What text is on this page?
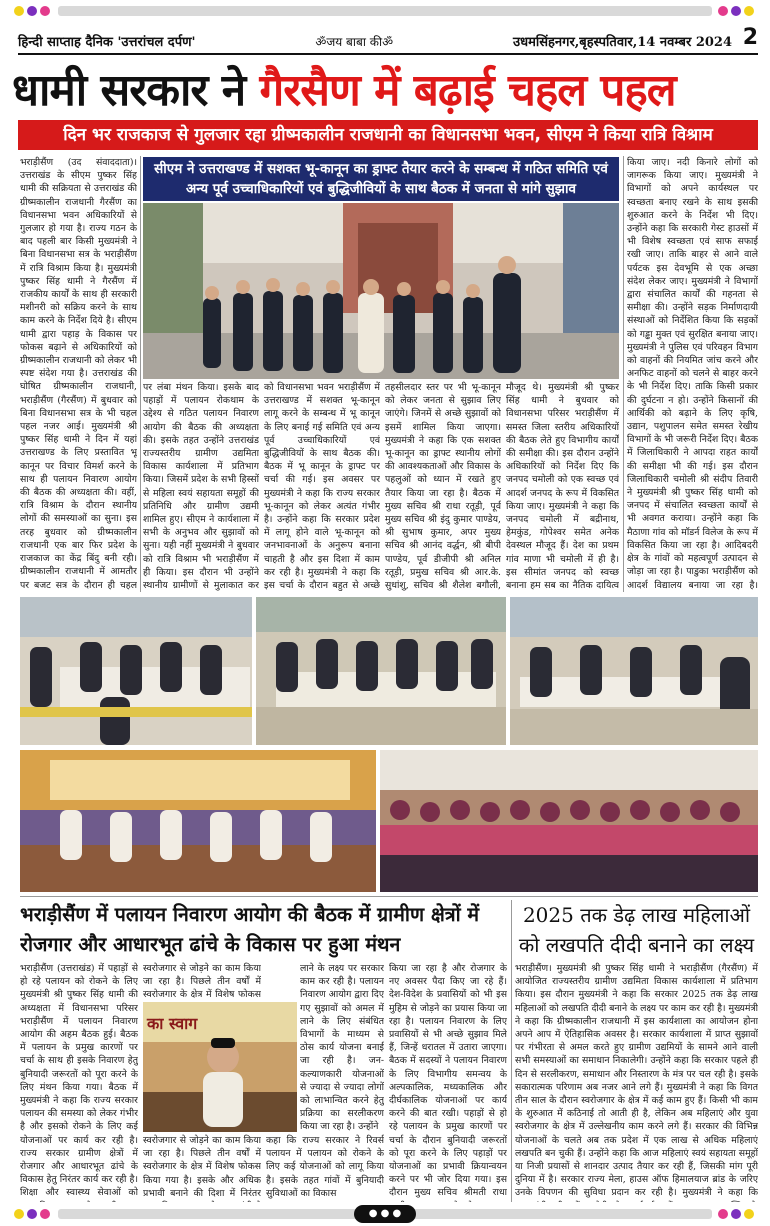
हिन्दी साप्ताह दैनिक 'उत्तरांचल दर्पण'	ॐजय बाबा कीॐ	उधमसिंहनगर,बृहस्पतिवार,14 नवम्बर 2024 2
धामी सरकार ने गैरसैण में बढ़ाई चहल पहल
दिन भर राजकाज से गुलजार रहा ग्रीष्मकालीन राजधानी का विधानसभा भवन, सीएम ने किया रात्रि विश्राम
भराड़ीसैंण (उद संवाददाता)। उत्तराखंड के सीएम पुष्कर सिंह धामी की सक्रियता से उत्तराखंड की ग्रीष्मकालीन राजधानी गैरसैंण का विधानसभा भवन अधिकारियों से गुलजार हो गया है। राज्य गठन के बाद पहली बार किसी मुख्यमंत्री ने बिना विधानसभा सत्र के भराड़ीसैंण में रात्रि विश्राम किया है। मुख्यमंत्री पुष्कर सिंह धामी ने गैरसैंण में राजकीय कार्यों के साथ ही सरकारी मशीनरी को सक्रिय करने के साथ काम करने के निर्देश दिये है। सीएम धामी द्वारा पहाड़ के विकास पर फोकस बढ़ाने से अधिकारियों को ग्रीष्मकालीन राजधानी को लेकर भी स्पष्ट संदेश गया है। उत्तराखंड की घोषित ग्रीष्मकालीन राजधानी, भराड़ीसैंण (गैरसैंण) में बुधवार को बिना विधानसभा सत्र के भी चहल पहल नजर आई। मुख्यमंत्री श्री पुष्कर सिंह धामी ने दिन में यहां उत्तराखण्ड के लिए प्रस्तावित भू कानून पर विचार विमर्श करने के साथ ही पलायन निवारण आयोग की बैठक की अध्यक्षता की। वहीं, रात्रि विश्राम के दौरान स्थानीय लोगों की समस्याओं का सुना। इस तरह बुधवार को ग्रीष्मकालीन राजधानी एक बार फिर प्रदेश के राजकाज का केंद्र बिंदु बनी रही। ग्रीष्मकालीन राजधानी में आमतौर पर बजट सत्र के दौरान ही चहल
सीएम ने उत्तराखण्ड में सशक्त भू-कानून का ड्राफ्ट तैयार करने के सम्बन्ध में गठित समिति एवं अन्य पूर्व उच्चाधिकारियों एवं बुद्धिजीवियों के साथ बैठक में जनता से मांगे सुझाव
पर लंबा मंथन किया। इसके बाद पहाड़ों में पलायन रोकथाम के उद्देश्य से गठित पलायन निवारण आयोग की बैठक की अध्यक्षता की। इसके तहत उन्होंने उत्तराखंड राज्यस्तरीय ग्रामीण उद्यमिता विकास कार्यशाला में प्रतिभाग किया। जिसमें प्रदेश के सभी हिस्सों से महिला स्वयं सहायता समूहों की प्रतिनिधि और ग्रामीण उद्यमी शामिल हुए। सीएम ने कार्यशाला में सभी के अनुभव और सुझावों को सुना। यही नहीं मुख्यमंत्री ने बुधवार को रात्रि विश्राम भी भराड़ीसैंण में ही किया। इस दौरान भी उन्होंने स्थानीय ग्रामीणों से मुलाकात कर
को विधानसभा भवन भराड़ीसैंण में उत्तराखण्ड में सशक्त भू-कानून लागू करने के सम्बन्ध में भू कानून के लिए बनाई गई समिति एवं अन्य पूर्व उच्चाधिकारियों एवं बुद्धिजीवियों के साथ बैठक की। बैठक में भू कानून के ड्राफ्ट पर चर्चा की गई। इस अवसर पर मुख्यमंत्री ने कहा कि राज्य सरकार भू-कानून को लेकर अत्यंत गंभीर है। उन्होंने कहा कि सरकार प्रदेश में लागू होने वाले भू-कानून को जनभावनाओं के अनुरूप बनाना चाहती है और इस दिशा में काम कर रही है। मुख्यमंत्री ने कहा कि इस चर्चा के दौरान बहुत से अच्छे
तहसीलदार स्तर पर भी भू-कानून को लेकर जनता से सुझाव लिए जाएंगे। जिनमें से अच्छे सुझावों को इसमें शामिल किया जाएगा। मुख्यमंत्री ने कहा कि एक सशक्त भू-कानून का ड्राफ्ट स्थानीय लोगों की आवश्यकताओं और विकास के पहलुओं को ध्यान में रखते हुए तैयार किया जा रहा है। बैठक में मुख्य सचिव श्री राधा रतूड़ी, पूर्व मुख्य सचिव श्री इंदु कुमार पाण्डेय, श्री सुभाष कुमार, अपर मुख्य सचिव श्री आनंद वर्द्धन, श्री बीपी पाण्डेय, पूर्व डीजीपी श्री अनिल रतूड़ी, प्रमुख सचिव श्री आर.के. सुधांशु, सचिव श्री शैलेश बगौली,
मौजूद थे। मुख्यमंत्री श्री पुष्कर सिंह धामी ने बुधवार को विधानसभा परिसर भराड़ीसैंण में समस्त जिला स्तरीय अधिकारियों की बैठक लेते हुए विभागीय कार्यों की समीक्षा की। इस दौरान उन्होंने अधिकारियों को निर्देश दिए कि जनपद चमोली को एक स्वच्छ एवं आदर्श जनपद के रूप में विकसित किया जाए। मुख्यमंत्री ने कहा कि जनपद चमोली में बद्रीनाथ, हेमकुंड, गोपेश्वर समेत अनेक देवस्थल मौजूद हैं। देश का प्रथम गांव माणा भी चमोली में ही है। इस सीमांत जनपद को स्वच्छ बनाना हम सब का नैतिक दायित्व
किया जाए। नदी किनारे लोगों को जागरूक किया जाए। मुख्यमंत्री ने विभागों को अपने कार्यस्थल पर स्वच्छता बनाए रखने के साथ इसकी शुरुआत करने के निर्देश भी दिए। उन्होंने कहा कि सरकारी गेस्ट हाउसों में भी विशेष स्वच्छता एवं साफ सफाई रखी जाए। ताकि बाहर से आने वाले पर्यटक इस देवभूमि से एक अच्छा संदेश लेकर जाए। मुख्यमंत्री ने विभागों द्वारा संचालित कार्यों की गहनता से समीक्षा की। उन्होंने सड़क निर्माणदायी संस्थाओं को निर्देशित किया कि सड़कों को गड्ढा मुक्त एवं सुरक्षित बनाया जाए। मुख्यमंत्री ने पुलिस एवं परिवहन विभाग को वाहनों की नियमित जांच करने और अनफिट वाहनों को चलने से बाहर करने के भी निर्देश दिए। ताकि किसी प्रकार की दुर्घटना न हो। उन्होंने किसानों की आर्थिकी को बढ़ाने के लिए कृषि, उद्यान, पशुपालन समेत समस्त रेखीय विभागों के भी जरूरी निर्देश दिए। बैठक में जिलाधिकारी ने आपदा राहत कार्यों की समीक्षा भी की गई। इस दौरान जिलाधिकारी चमोली श्री संदीप तिवारी ने मुख्यमंत्री श्री पुष्कर सिंह धामी को जनपद में संचालित स्वच्छता कार्यों से भी अवगत कराया। उन्होंने कहा कि मैठाणा गांव को मॉडर्न विलेज के रूप में विकसित किया जा रहा है। आदिबदरी क्षेत्र के गांवों को महत्वपूर्ण उत्पादन से जोड़ा जा रहा है। पाडुका भराड़ीसैंण को आदर्श विद्यालय बनाया जा रहा है।
भराड़ीसैंण में पलायन निवारण आयोग की बैठक में ग्रामीण क्षेत्रों में रोजगार और आधारभूत ढांचे के विकास पर हुआ मंथन
भराड़ीसैंण (उत्तराखंड) में पहाड़ों से हो रहे पलायन को रोकने के लिए मुख्यमंत्री श्री पुष्कर सिंह धामी की अध्यक्षता में विधानसभा परिसर भराड़ीसैंण में पलायन निवारण आयोग की अहम बैठक हुई। बैठक में पलायन के प्रमुख कारणों पर चर्चा के साथ ही इसके निवारण हेतु बुनियादी जरूरतों को पूरा करने के लिए मंथन किया गया। बैठक में मुख्यमंत्री ने कहा कि राज्य सरकार पलायन की समस्या को लेकर गंभीर है और इसको रोकने के लिए कई योजनाओं पर कार्य कर रही है। राज्य सरकार ग्रामीण क्षेत्रों में रोजगार और आधारभूत ढांचे के विकास हेतु निरंतर कार्य कर रही है। शिक्षा और स्वास्थ्य सेवाओं को
स्वरोजगार से जोड़ने का काम किया जा रहा है। पिछले तीन वर्षों में स्वरोजगार के क्षेत्र में विशेष फोकस
का स्वाग
लाने के लक्ष्य पर सरकार काम कर रही है। पलायन निवारण आयोग द्वारा दिए गए सुझावों को अमल में लाने के लिए संबंधित विभागों के माध्यम से ठोस कार्य योजना बनाई जा रही है। जन-कल्याणकारी योजनाओं से ज्यादा से ज्यादा लोगों को लाभान्वित करने हेतु प्रक्रिया का सरलीकरण किया जा रहा है। उन्होंने
स्वरोजगार से जोड़ने का काम किया जा रहा है। पिछले तीन वर्षों में स्वरोजगार के क्षेत्र में विशेष फोकस किया गया है। इसके और अधिक प्रभावी बनाने की दिशा में निरंतर
कहा कि राज्य सरकार ने रिवर्स पलायन में पलायन को रोकने के लिए कई योजनाओं को लागू किया है। इसके तहत गांवों में बुनियादी सुविधाओं का विकास
किया जा रहा है और रोजगार के नए अवसर पैदा किए जा रहे हैं। देश-विदेश के प्रवासियों को भी इस मुहिम से जोड़ने का प्रयास किया जा रहा है। पलायन निवारण के लिए प्रवासियों से भी अच्छे सुझाव मिले हैं, जिन्हें धरातल में उतारा जाएगा। बैठक में सदस्यों ने पलायन निवारण के लिए विभागीय समन्वय के अल्पकालिक, मध्यकालिक और दीर्घकालिक योजनाओं पर कार्य करने की बात रखी। पहाड़ों से हो रहे पलायन के प्रमुख कारणों पर चर्चा के दौरान बुनियादी जरूरतों को पूरा करने के लिए पहाड़ों पर योजनाओं का प्रभावी क्रियान्वयन करने पर भी जोर दिया गया। इस दौरान मुख्य सचिव श्रीमती राधा
2025 तक डेढ़ लाख महिलाओं को लखपति दीदी बनाने का लक्ष्य
भराड़ीसैंण। मुख्यमंत्री श्री पुष्कर सिंह धामी ने भराड़ीसैंण (गैरसैंण) में आयोजित राज्यस्तरीय ग्रामीण उद्यमिता विकास कार्यशाला में प्रतिभाग किया। इस दौरान मुख्यमंत्री ने कहा कि सरकार 2025 तक डेढ़ लाख महिलाओं को लखपति दीदी बनाने के लक्ष्य पर काम कर रही है। मुख्यमंत्री ने कहा कि ग्रीष्मकालीन राजधानी में इस कार्यशाला का आयोजन होना अपने आप में ऐतिहासिक अवसर है। सरकार कार्यशाला में प्राप्त सुझावों पर गंभीरता से अमल करते हुए ग्रामीण उद्यमियों के सामने आने वाली सभी समस्याओं का समाधान निकालेगी। उन्होंने कहा कि सरकार पहले ही दिन से सरलीकरण, समाधान और निस्तारण के मंत्र पर चल रही है। इसके सकारात्मक परिणाम अब नजर आने लगे हैं। मुख्यमंत्री ने कहा कि विगत तीन साल के दौरान स्वरोजगार के क्षेत्र में कई काम हुए हैं। किसी भी काम के शुरुआत में कठिनाई तो आती ही है, लेकिन अब महिलाएं और युवा स्वरोजगार के क्षेत्र में उल्लेखनीय काम करने लगे हैं। सरकार की विभिन्न योजनाओं के चलते अब तक प्रदेश में एक लाख से अधिक महिलाएं लखपति बन चुकी हैं। उन्होंने कहा कि आज महिलाएं स्वयं सहायता समूहों या निजी प्रयासों से शानदार उत्पाद तैयार कर रही हैं, जिसकी मांग पूरी दुनिया में है। सरकार राज्य मेला, हाउस ऑफ हिमालयाज ब्रांड के जरिए उनके विपणन की सुविधा प्रदान कर रही है। मुख्यमंत्री ने कहा कि
● ● ●
